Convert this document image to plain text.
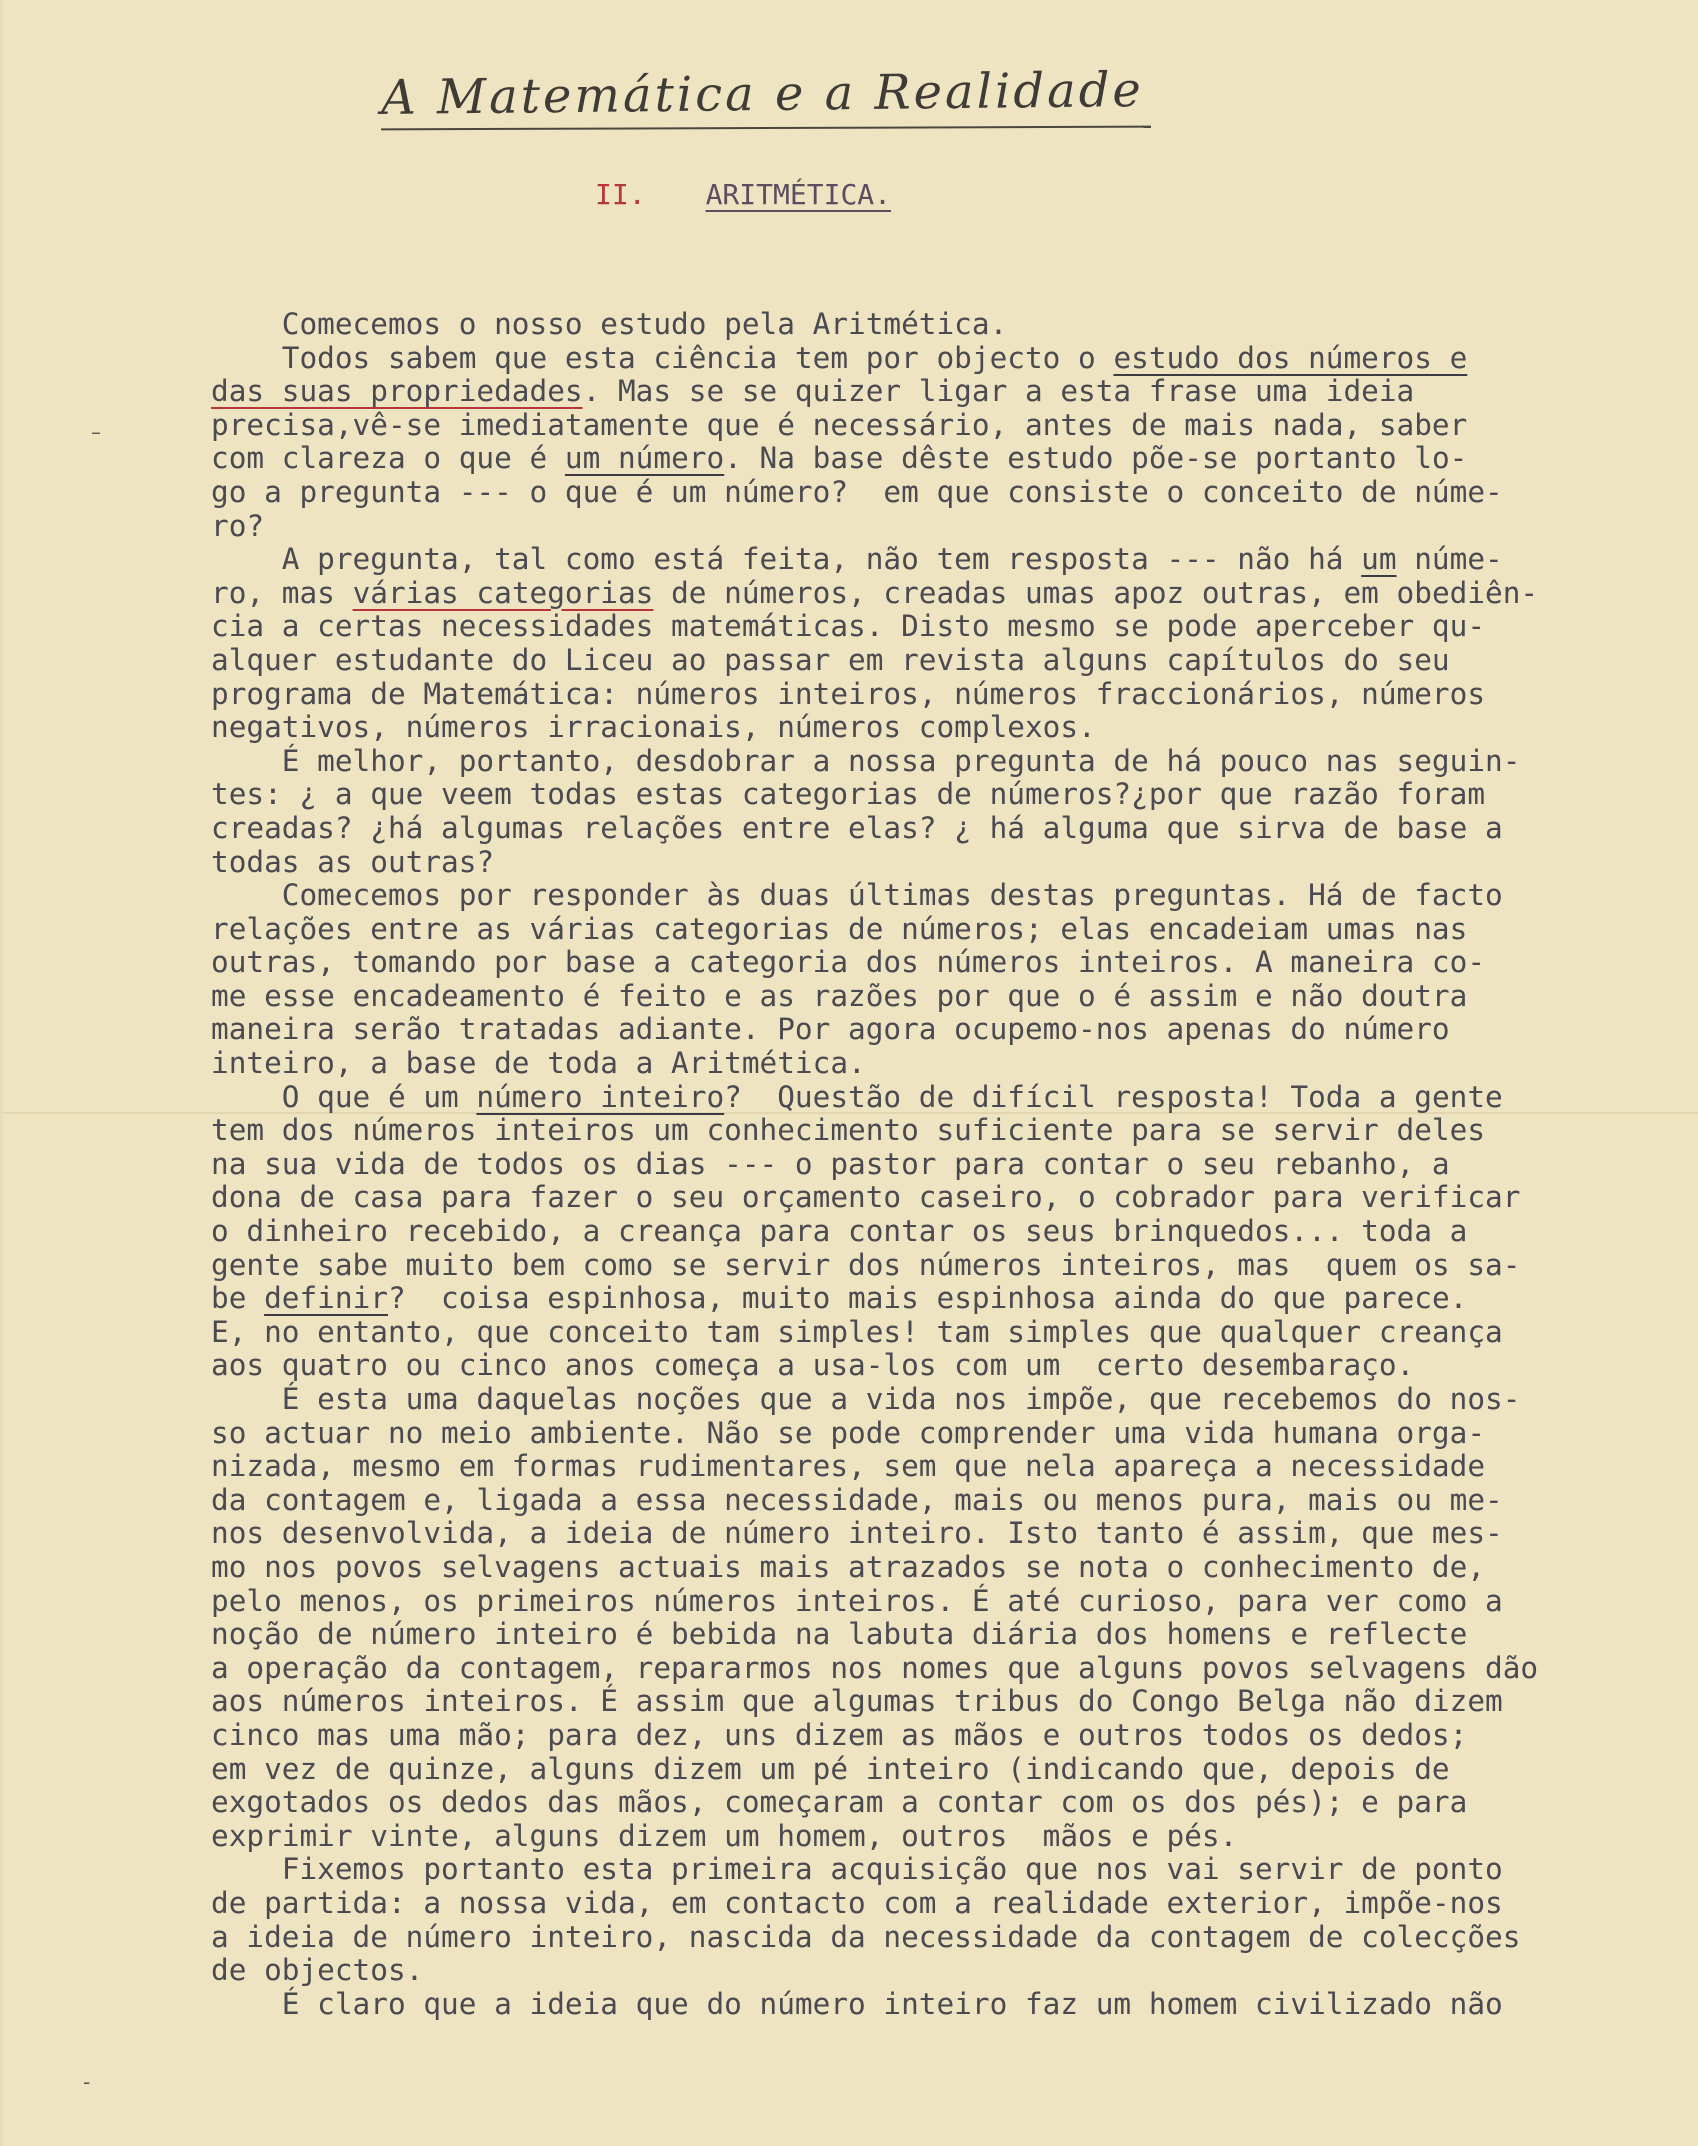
A Matemática e a Realidade
II. ARITMÉTICA.
Comecemos o nosso estudo pela Aritmética.
Todos sabem que esta ciência tem por objecto o estudo dos números e
das suas propriedades. Mas se se quizer ligar a esta frase uma ideia
precisa,vê-se imediatamente que é necessário, antes de mais nada, saber
com clareza o que é um número. Na base dêste estudo põe-se portanto lo-
go a pregunta --- o que é um número?  em que consiste o conceito de núme-
ro?
A pregunta, tal como está feita, não tem resposta --- não há um núme-
ro, mas várias categorias de números, creadas umas apoz outras, em obediên-
cia a certas necessidades matemáticas. Disto mesmo se pode aperceber qu-
alquer estudante do Liceu ao passar em revista alguns capítulos do seu
programa de Matemática: números inteiros, números fraccionários, números
negativos, números irracionais, números complexos.
É melhor, portanto, desdobrar a nossa pregunta de há pouco nas seguin-
tes: ¿ a que veem todas estas categorias de números?¿por que razão foram
creadas? ¿há algumas relações entre elas? ¿ há alguma que sirva de base a
todas as outras?
Comecemos por responder às duas últimas destas preguntas. Há de facto
relações entre as várias categorias de números; elas encadeiam umas nas
outras, tomando por base a categoria dos números inteiros. A maneira co-
me esse encadeamento é feito e as razões por que o é assim e não doutra
maneira serão tratadas adiante. Por agora ocupemo-nos apenas do número
inteiro, a base de toda a Aritmética.
O que é um número inteiro?  Questão de difícil resposta! Toda a gente
tem dos números inteiros um conhecimento suficiente para se servir deles
na sua vida de todos os dias --- o pastor para contar o seu rebanho, a
dona de casa para fazer o seu orçamento caseiro, o cobrador para verificar
o dinheiro recebido, a creança para contar os seus brinquedos... toda a
gente sabe muito bem como se servir dos números inteiros, mas  quem os sa-
be definir?  coisa espinhosa, muito mais espinhosa ainda do que parece.
E, no entanto, que conceito tam simples! tam simples que qualquer creança
aos quatro ou cinco anos começa a usa-los com um  certo desembaraço.
É esta uma daquelas noções que a vida nos impõe, que recebemos do nos-
so actuar no meio ambiente. Não se pode comprender uma vida humana orga-
nizada, mesmo em formas rudimentares, sem que nela apareça a necessidade
da contagem e, ligada a essa necessidade, mais ou menos pura, mais ou me-
nos desenvolvida, a ideia de número inteiro. Isto tanto é assim, que mes-
mo nos povos selvagens actuais mais atrazados se nota o conhecimento de,
pelo menos, os primeiros números inteiros. É até curioso, para ver como a
noção de número inteiro é bebida na labuta diária dos homens e reflecte
a operação da contagem, repararmos nos nomes que alguns povos selvagens dão
aos números inteiros. É assim que algumas tribus do Congo Belga não dizem
cinco mas uma mão; para dez, uns dizem as mãos e outros todos os dedos;
em vez de quinze, alguns dizem um pé inteiro (indicando que, depois de
exgotados os dedos das mãos, começaram a contar com os dos pés); e para
exprimir vinte, alguns dizem um homem, outros  mãos e pés.
Fixemos portanto esta primeira acquisição que nos vai servir de ponto
de partida: a nossa vida, em contacto com a realidade exterior, impõe-nos
a ideia de número inteiro, nascida da necessidade da contagem de colecções
de objectos.
É claro que a ideia que do número inteiro faz um homem civilizado não
–
‑
